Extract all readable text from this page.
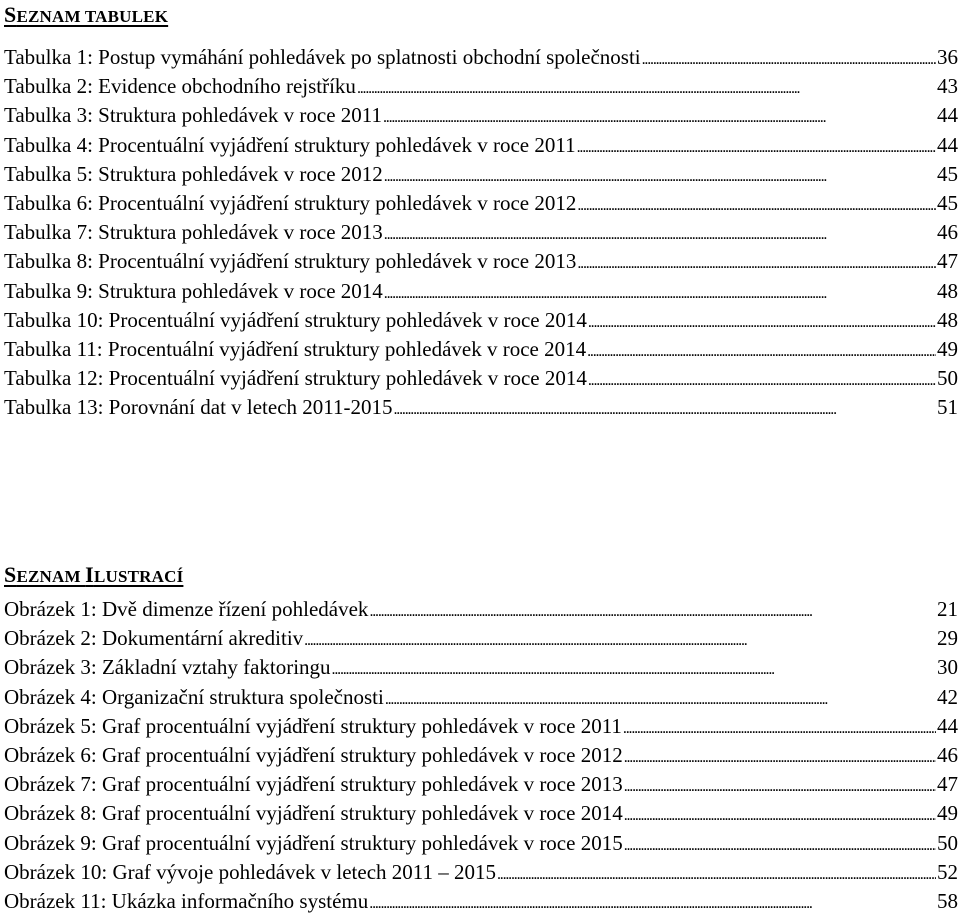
SEZNAM TABULEK
Tabulka 1: Postup vymáhání pohledávek po splatnosti obchodní společnosti . . .	36
Tabulka 2: Evidence obchodního rejstříku . . .	43
Tabulka 3: Struktura pohledávek v roce 2011 . . .	44
Tabulka 4: Procentuální vyjádření struktury pohledávek v roce 2011 . . .	44
Tabulka 5: Struktura pohledávek v roce 2012 . . .	45
Tabulka 6: Procentuální vyjádření struktury pohledávek v roce 2012 . . .	45
Tabulka 7: Struktura pohledávek v roce 2013 . . .	46
Tabulka 8: Procentuální vyjádření struktury pohledávek v roce 2013 . . .	47
Tabulka 9: Struktura pohledávek v roce 2014 . . .	48
Tabulka 10: Procentuální vyjádření struktury pohledávek v roce 2014 . . .	48
Tabulka 11: Procentuální vyjádření struktury pohledávek v roce 2014 . . .	49
Tabulka 12: Procentuální vyjádření struktury pohledávek v roce 2014 . . .	50
Tabulka 13: Porovnání dat v letech 2011-2015 . . .	51
SEZNAM ILUSTRACÍ
Obrázek 1: Dvě dimenze řízení pohledávek . . .	21
Obrázek 2: Dokumentární akreditiv . . .	29
Obrázek 3: Základní vztahy faktoringu . . .	30
Obrázek 4: Organizační struktura společnosti . . .	42
Obrázek 5: Graf procentuální vyjádření struktury pohledávek v roce 2011 . . .	44
Obrázek 6: Graf procentuální vyjádření struktury pohledávek v roce 2012 . . .	46
Obrázek 7: Graf procentuální vyjádření struktury pohledávek v roce 2013 . . .	47
Obrázek 8: Graf procentuální vyjádření struktury pohledávek v roce 2014 . . .	49
Obrázek 9: Graf procentuální vyjádření struktury pohledávek v roce 2015 . . .	50
Obrázek 10: Graf vývoje pohledávek v letech 2011 – 2015 . . .	52
Obrázek 11: Ukázka informačního systému . . .	58
